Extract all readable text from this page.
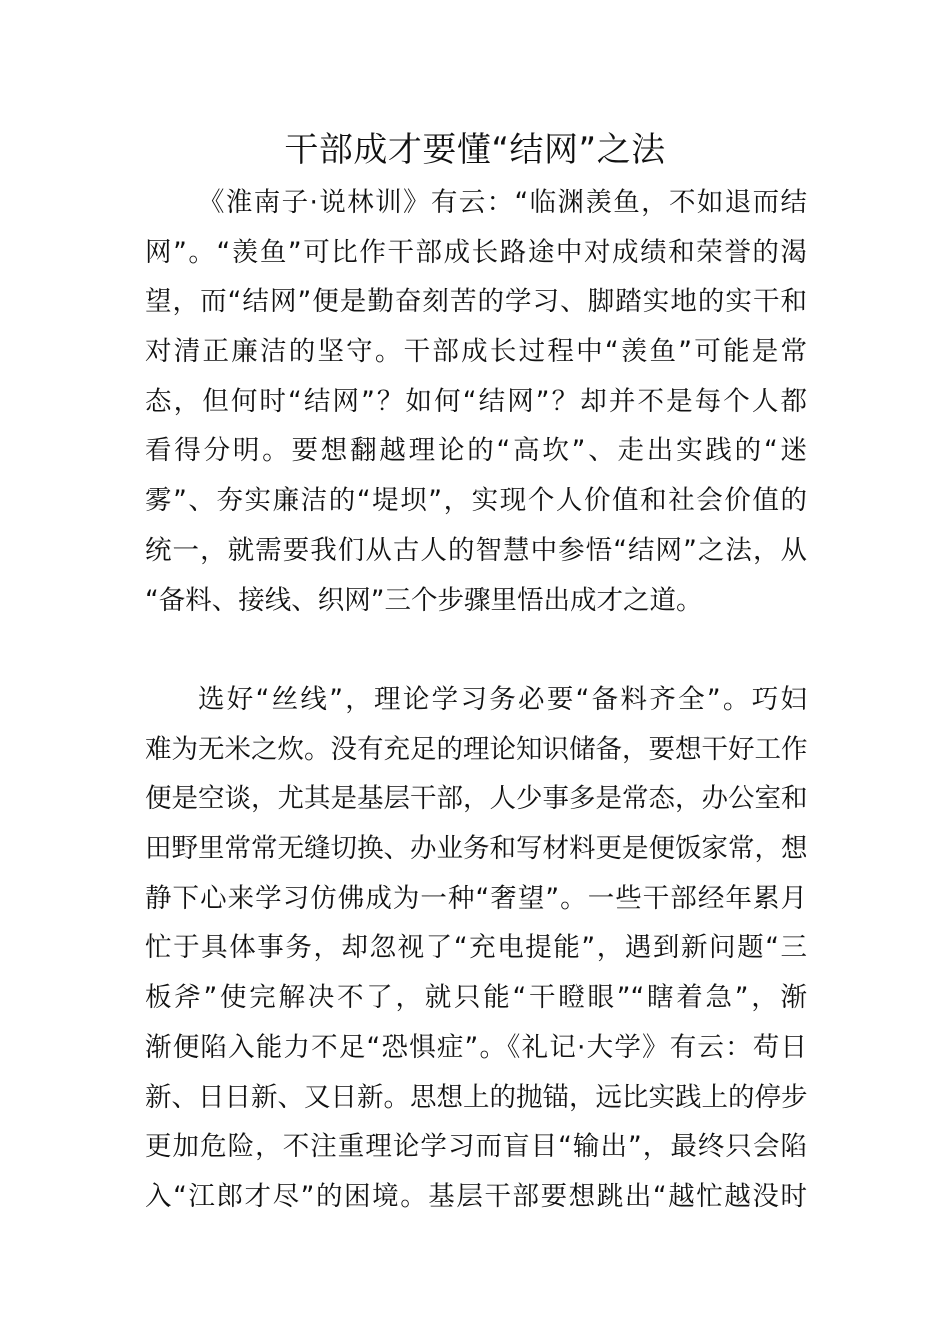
干部成才要懂“结网”之法
《淮南子·说林训》有云：“临渊羡鱼，不如退而结
网”。“羡鱼”可比作干部成长路途中对成绩和荣誉的渴
望，而“结网”便是勤奋刻苦的学习、脚踏实地的实干和
对清正廉洁的坚守。干部成长过程中“羡鱼”可能是常
态，但何时“结网”？如何“结网”？却并不是每个人都
看得分明。要想翻越理论的“高坎”、走出实践的“迷
雾”、夯实廉洁的“堤坝”，实现个人价值和社会价值的
统一，就需要我们从古人的智慧中参悟“结网”之法，从
“备料、接线、织网”三个步骤里悟出成才之道。
选好“丝线”，理论学习务必要“备料齐全”。巧妇
难为无米之炊。没有充足的理论知识储备，要想干好工作
便是空谈，尤其是基层干部，人少事多是常态，办公室和
田野里常常无缝切换、办业务和写材料更是便饭家常，想
静下心来学习仿佛成为一种“奢望”。一些干部经年累月
忙于具体事务，却忽视了“充电提能”，遇到新问题“三
板斧”使完解决不了，就只能“干瞪眼”“瞎着急”，渐
渐便陷入能力不足“恐惧症”。《礼记·大学》有云：苟日
新、日日新、又日新。思想上的抛锚，远比实践上的停步
更加危险，不注重理论学习而盲目“输出”，最终只会陷
入“江郎才尽”的困境。基层干部要想跳出“越忙越没时
